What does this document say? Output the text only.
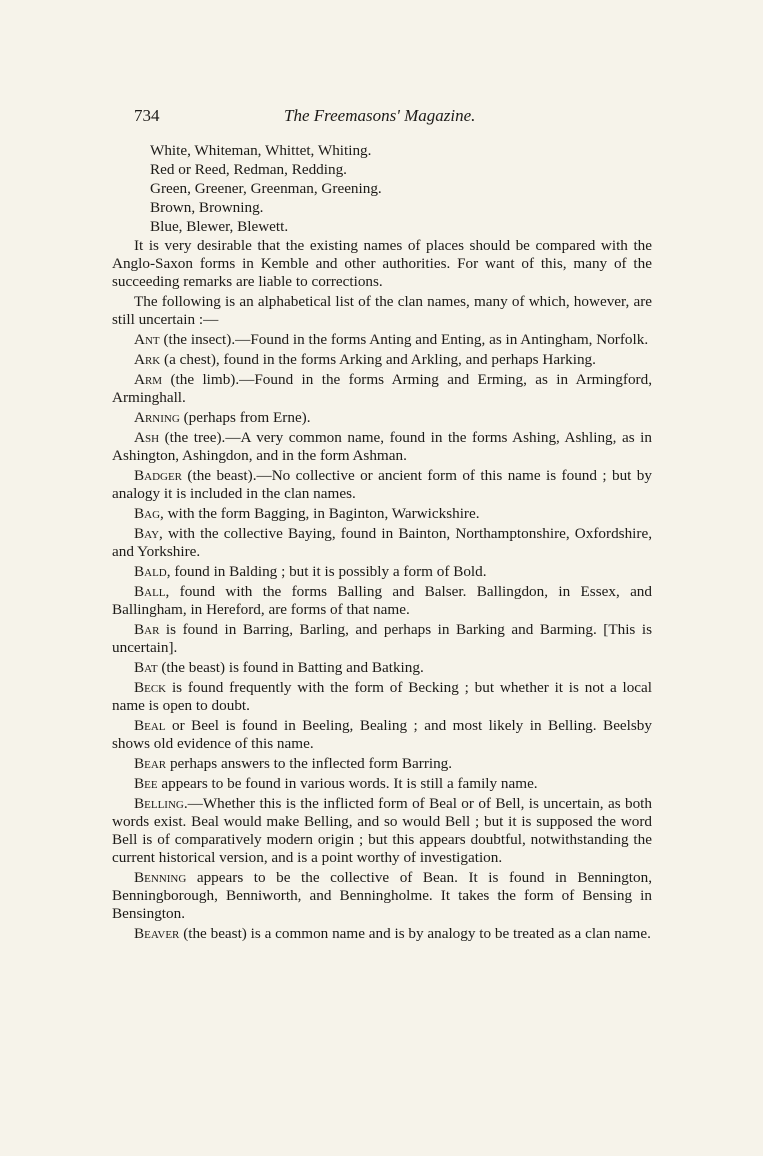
734	The Freemasons' Magazine.
White, Whiteman, Whittet, Whiting.
Red or Reed, Redman, Redding.
Green, Greener, Greenman, Greening.
Brown, Browning.
Blue, Blewer, Blewett.

It is very desirable that the existing names of places should be compared with the Anglo-Saxon forms in Kemble and other authorities. For want of this, many of the succeeding remarks are liable to corrections.

The following is an alphabetical list of the clan names, many of which, however, are still uncertain :—

Ant (the insect).—Found in the forms Anting and Enting, as in Antingham, Norfolk.

Ark (a chest), found in the forms Arking and Arkling, and perhaps Harking.

Arm (the limb).—Found in the forms Arming and Erming, as in Armingford, Arminghall.

Arning (perhaps from Erne).

Ash (the tree).—A very common name, found in the forms Ashing, Ashling, as in Ashington, Ashingdon, and in the form Ashman.

Badger (the beast).—No collective or ancient form of this name is found ; but by analogy it is included in the clan names.

Bag, with the form Bagging, in Baginton, Warwickshire.

Bay, with the collective Baying, found in Bainton, Northamptonshire, Oxfordshire, and Yorkshire.

Bald, found in Balding ; but it is possibly a form of Bold.

Ball, found with the forms Balling and Balser. Ballingdon, in Essex, and Ballingham, in Hereford, are forms of that name.

Bar is found in Barring, Barling, and perhaps in Barking and Barming. [This is uncertain].

Bat (the beast) is found in Batting and Batking.

Beck is found frequently with the form of Becking ; but whether it is not a local name is open to doubt.

Beal or Beel is found in Beeling, Bealing ; and most likely in Belling. Beelsby shows old evidence of this name.

Bear perhaps answers to the inflected form Barring.

Bee appears to be found in various words. It is still a family name.

Belling.—Whether this is the inflicted form of Beal or of Bell, is uncertain, as both words exist. Beal would make Belling, and so would Bell ; but it is supposed the word Bell is of comparatively modern origin ; but this appears doubtful, notwithstanding the current historical version, and is a point worthy of investigation.

Benning appears to be the collective of Bean. It is found in Bennington, Benningborough, Benniworth, and Benningholme. It takes the form of Bensing in Bensington.

Beaver (the beast) is a common name and is by analogy to be treated as a clan name.
